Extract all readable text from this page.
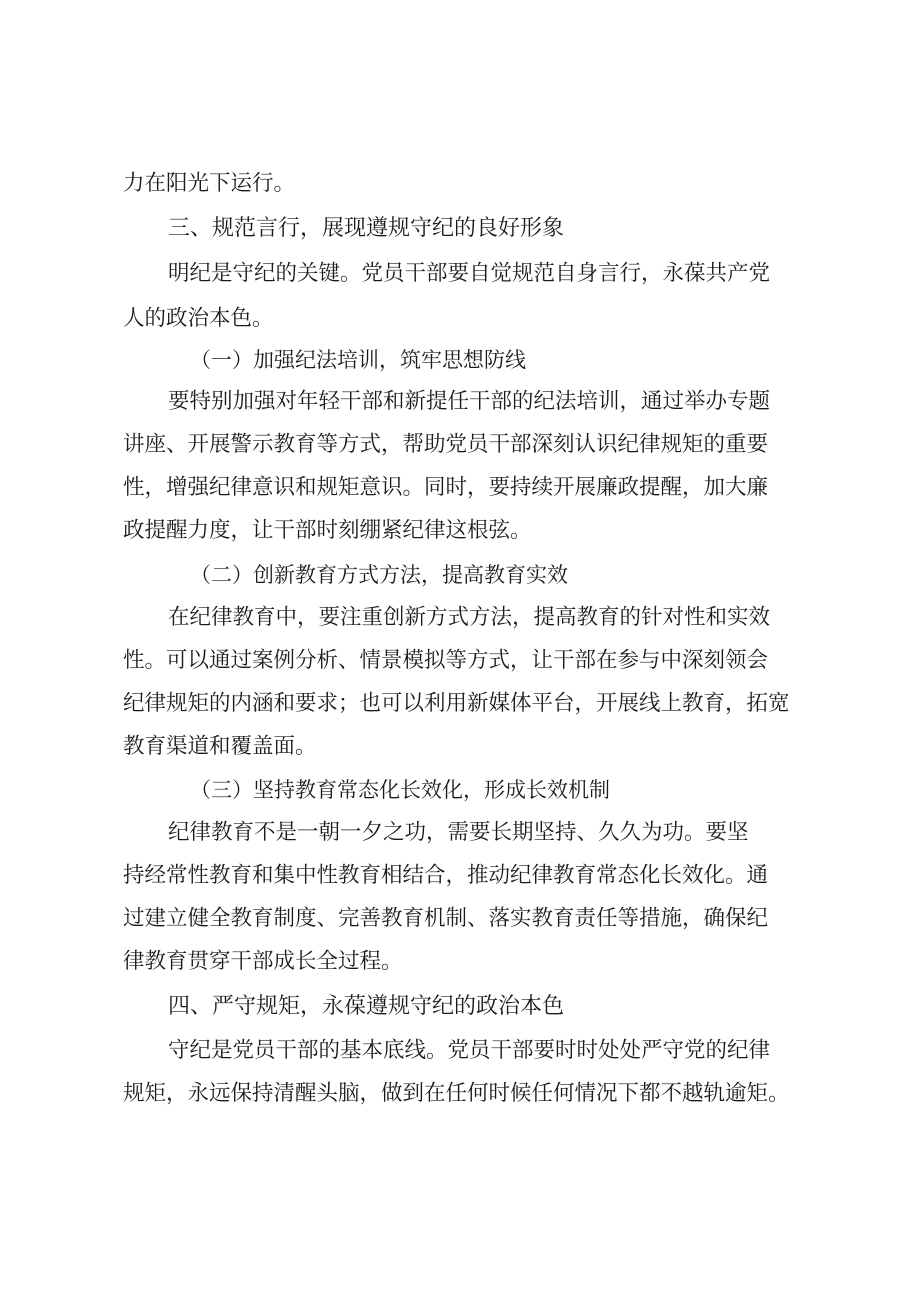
力在阳光下运行。
三、规范言行，展现遵规守纪的良好形象
明纪是守纪的关键。党员干部要自觉规范自身言行，永葆共产党
人的政治本色。
（一）加强纪法培训，筑牢思想防线
要特别加强对年轻干部和新提任干部的纪法培训，通过举办专题
讲座、开展警示教育等方式，帮助党员干部深刻认识纪律规矩的重要
性，增强纪律意识和规矩意识。同时，要持续开展廉政提醒，加大廉
政提醒力度，让干部时刻绷紧纪律这根弦。
（二）创新教育方式方法，提高教育实效
在纪律教育中，要注重创新方式方法，提高教育的针对性和实效
性。可以通过案例分析、情景模拟等方式，让干部在参与中深刻领会
纪律规矩的内涵和要求；也可以利用新媒体平台，开展线上教育，拓宽
教育渠道和覆盖面。
（三）坚持教育常态化长效化，形成长效机制
纪律教育不是一朝一夕之功，需要长期坚持、久久为功。要坚
持经常性教育和集中性教育相结合，推动纪律教育常态化长效化。通
过建立健全教育制度、完善教育机制、落实教育责任等措施，确保纪
律教育贯穿干部成长全过程。
四、严守规矩，永葆遵规守纪的政治本色
守纪是党员干部的基本底线。党员干部要时时处处严守党的纪律
规矩，永远保持清醒头脑，做到在任何时候任何情况下都不越轨逾矩。
